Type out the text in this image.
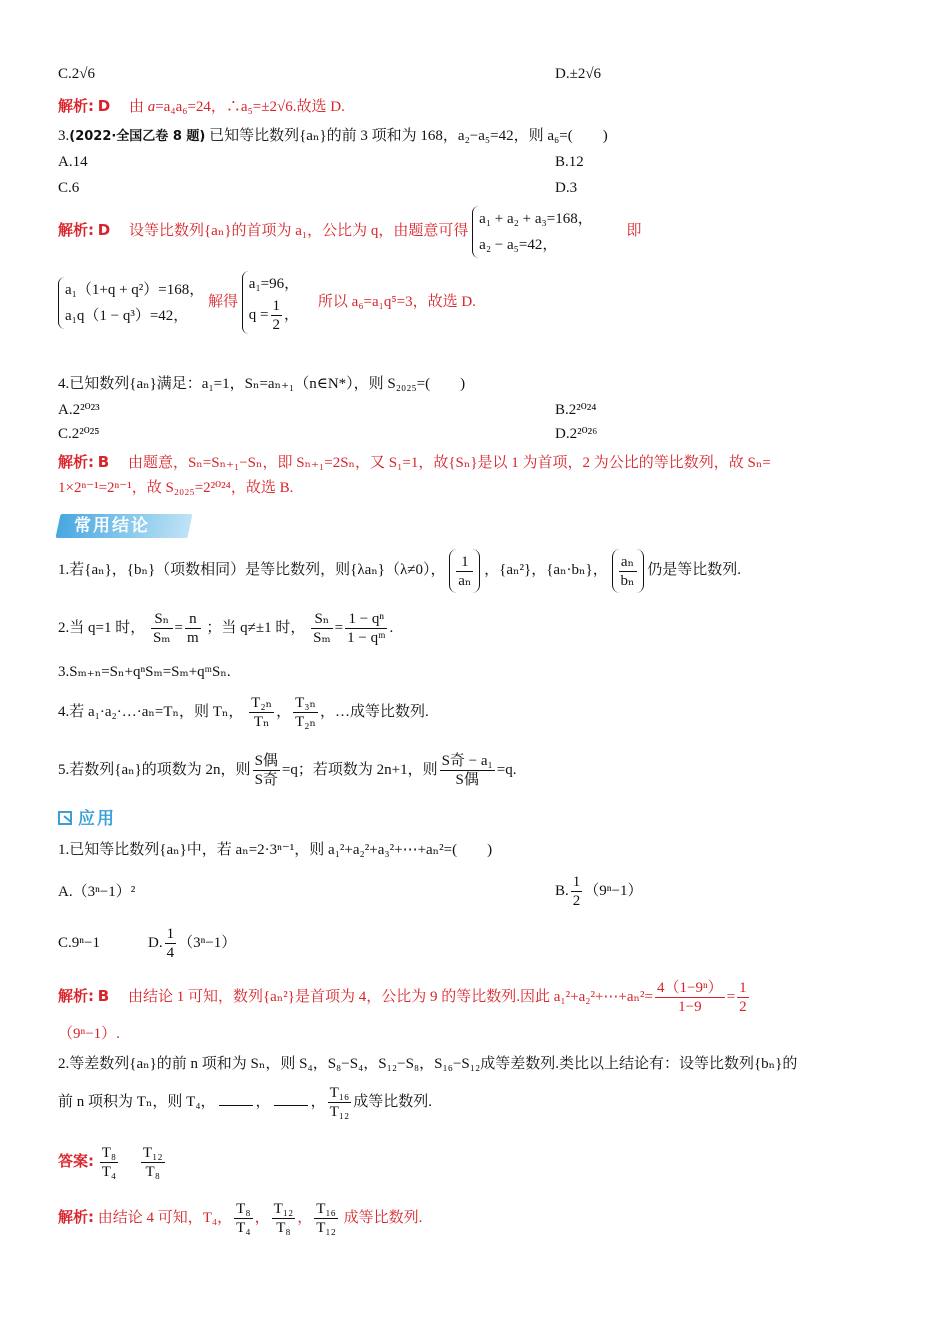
C.2√6	D.±2√6
解析: D 　由 a=a₄a₆=24，∴a₅=±2√6.故选 D.
3.(2022·全国乙卷 8 题) 已知等比数列{aₙ}的前 3 项和为 168，a₂−a₅=42，则 a₆=(　　)
A.14	B.12
C.6	D.3
解析: D 　 设等比数列{aₙ}的首项为 a₁，公比为 q，由题意可得
a₁ + a₂ + a₃=168，
a₂ − a₅=42，
　　即
a₁（1+q + q²）=168，
a₁q（1 − q³）=42，
解得
a₁=96，
$q = \frac{1}{2}$ ，
　所以 a₆=a₁q⁵=3，故选 D.
4.已知数列{aₙ}满足：a₁=1，Sₙ=aₙ₊₁（n∈N*），则 S₂₀₂₅=(　　)
A.2²⁰²³	B.2²⁰²⁴
C.2²⁰²⁵	D.2²⁰²⁶
解析: B 　 由题意，Sₙ=Sₙ₊₁−Sₙ，即 Sₙ₊₁=2Sₙ，又 S₁=1，故{Sₙ}是以 1 为首项，2 为公比的等比数列，故 Sₙ=
1×2ⁿ⁻¹=2ⁿ⁻¹，故 S₂₀₂₅=2²⁰²⁴，故选 B.
常用结论
1.若{aₙ}，{bₙ}（项数相同）是等比数列，则{λaₙ}（λ≠0）， $\frac{1}{\text{aₙ}}$ ，{aₙ²}，{aₙ·bₙ}， $\frac{\text{aₙ}}{\text{bₙ}}$ 仍是等比数列.
2.当 q=1 时， $\frac{\text{Sₙ}}{\text{Sₘ}} = \frac{n}{m}$ ；当 q≠±1 时， $\frac{\text{Sₙ}}{\text{Sₘ}} = \frac{\text{1 − qⁿ}}{\text{1 − qᵐ}}$ .
3.Sₘ₊ₙ=Sₙ+qⁿSₘ=Sₘ+qᵐSₙ.
4.若 a₁·a₂·…·aₙ=Tₙ，则 Tₙ， $\frac{\text{T₂ₙ}}{\text{Tₙ}}$ ， $\frac{\text{T₃ₙ}}{\text{T₂ₙ}}$ ，…成等比数列.
5.若数列{aₙ}的项数为 2n，则 $\frac{\text{S偶}}{\text{S奇}} =q$；若项数为 2n+1，则 $\frac{\text{S奇 − a₁}}{\text{S偶}} =q$.
应用
1.已知等比数列{aₙ}中，若 aₙ=2·3ⁿ⁻¹，则 a₁²+a₂²+a₃²+⋯+aₙ²=(　　)
A.（3ⁿ−1）²	B. $\frac{1}{2} (9^n-1)$
C.9ⁿ−1	D. $\frac{1}{4} (3^n-1)$
解析: B 　 由结论 1 可知，数列{aₙ²}是首项为 4，公比为 9 的等比数列.因此 a₁²+a₂²+⋯+aₙ²= $\frac{\text{4（1−9ⁿ）}}{1-9} = \frac{1}{2}$
（9ⁿ−1）.
2.等差数列{aₙ}的前 n 项和为 Sₙ，则 S₄，S₈−S₄，S₁₂−S₈，S₁₆−S₁₂成等差数列.类比以上结论有：设等比数列{bₙ}的
前 n 项积为 Tₙ，则 T₄，	，	， $\frac{\text{T₁₆}}{\text{T₁₂}}$ 成等比数列.
答案: $\frac{\text{T₈}}{\text{T₄}}$
　 $\frac{\text{T₁₂}}{\text{T₈}}$
解析: 由结论 4 可知，T₄， $\frac{\text{T₈}}{\text{T₄}}$ ， $\frac{\text{T₁₂}}{\text{T₈}}$ ， $\frac{\text{T₁₆}}{\text{T₁₂}}$ 成等比数列.
